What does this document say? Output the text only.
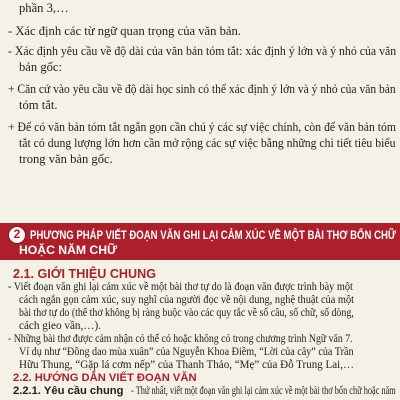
phần 3,…
- Xác định các từ ngữ quan trọng của văn bản.
- Xác định yêu cầu về độ dài của văn bản tóm tắt: xác định ý lớn và ý nhỏ của văn
bản gốc:
+ Căn cứ vào yêu cầu về độ dài học sinh có thể xác định ý lớn và ý nhỏ của văn bản
tóm tắt.
+ Để có văn bản tóm tắt ngắn gọn cần chú ý các sự việc chính, còn để văn bản tóm
tắt có dung lượng lớn hơn cần mở rộng các sự việc bằng những chi tiết tiêu biểu
trong văn bản gốc.
2 PHƯƠNG PHÁP VIẾT ĐOẠN VĂN GHI LẠI CẢM XÚC VỀ MỘT BÀI THƠ BỐN CHỮ
HOẶC NĂM CHỮ
2.1. GIỚI THIỆU CHUNG
- Viết đoạn văn ghi lại cảm xúc về một bài thơ tự do là đoạn văn được trình bày một
cách ngắn gọn cảm xúc, suy nghĩ của người đọc về nội dung, nghệ thuật của một
bài thơ tự do (thể thơ không bị ràng buộc vào các quy tắc về số câu, số chữ, số dòng,
cách gieo vần,…).
- Những bài thơ được cảm nhận có thể có hoặc không có trong chương trình Ngữ văn 7.
Ví dụ như “Đồng dao mùa xuân” của Nguyễn Khoa Điềm, “Lời của cây” của Trần
Hữu Thung, “Gặp lá cơm nếp” của Thanh Thảo, “Mẹ” của Đỗ Trung Lai,…
2.2. HƯỚNG DẪN VIẾT ĐOẠN VĂN
2.2.1. Yêu cầu chung - Thứ nhất, viết một đoạn văn ghi lại cảm xúc về một bài thơ bốn chữ hoặc năm
